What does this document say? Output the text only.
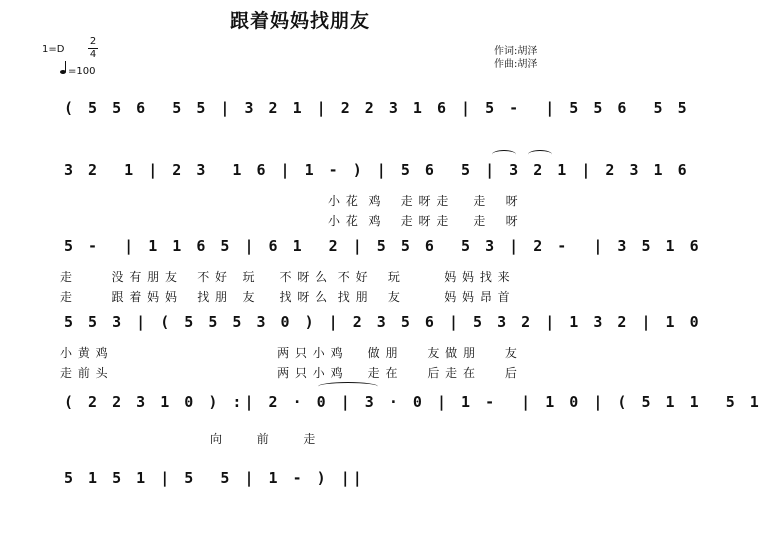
跟着妈妈找朋友
1=D
2
4
=100
作词:胡泽
作曲:胡泽
( 5 5 6  5 5 | 3 2 1 | 2 2 3 1 6 | 5 -  | 5 5 6  5 5
3 2  1 | 2 3  1 6 | 1 - ) | 5 6  5 | 3 2 1 | 2 3 1 6
小 花  鸡    走 呀 走     走    呀
小 花  鸡    走 呀 走     走    呀
5 -  | 1 1 6 5 | 6 1  2 | 5 5 6  5 3 | 2 -  | 3 5 1 6
走        没 有 朋 友    不 好   玩     不 呀 么  不 好    玩         妈 妈 找 来
走        跟 着 妈 妈    找 朋   友     找 呀 么  找 朋    友         妈 妈 昂 首
5 5 3 | ( 5 5 5 3 0 ) | 2 3 5 6 | 5 3 2 | 1 3 2 | 1 0
小 黄 鸡                                   两 只 小 鸡     做 朋      友 做 朋      友
走 前 头                                   两 只 小 鸡     走 在      后 走 在      后
( 2 2 3 1 0 ) :| 2 · 0 | 3 · 0 | 1 -  | 1 0 | ( 5 1 1  5 1
向       前       走
5 1 5 1 | 5  5 | 1 - ) ||
